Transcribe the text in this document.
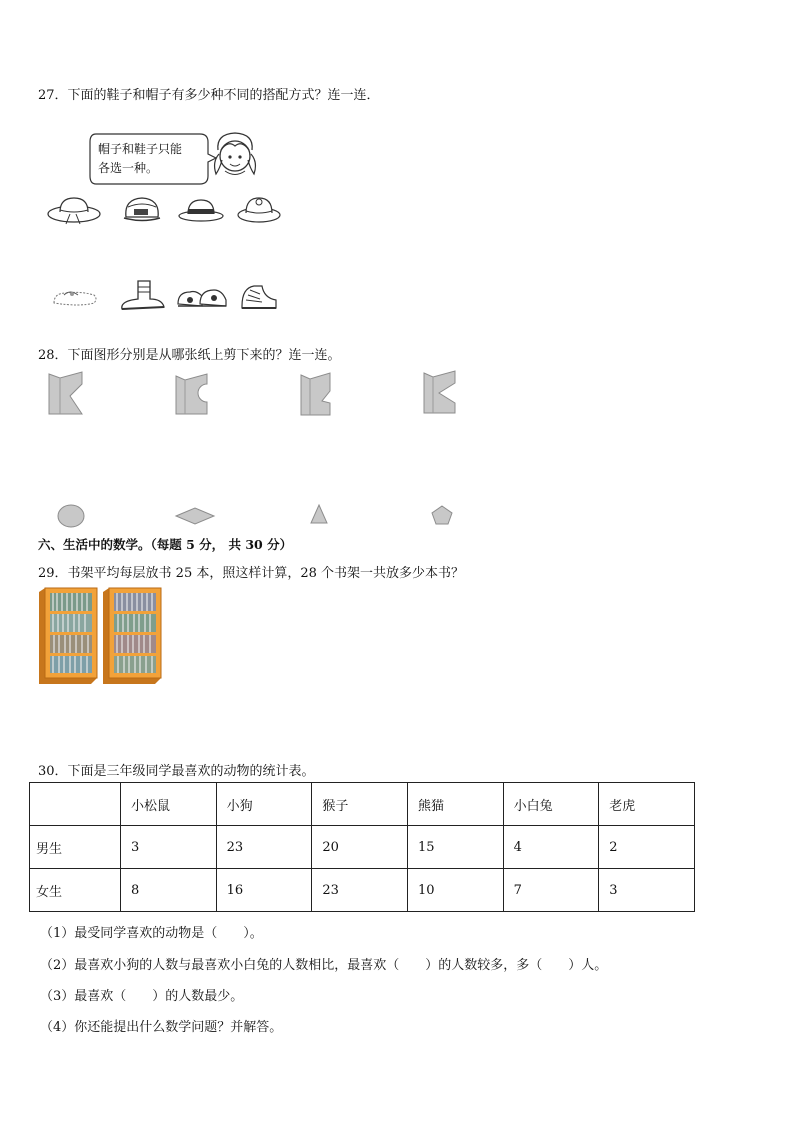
27．下面的鞋子和帽子有多少种不同的搭配方式？连一连．
帽子和鞋子只能
各选一种。
28．下面图形分别是从哪张纸上剪下来的？连一连。
六、生活中的数学。（每题 5 分， 共 30 分）
29．书架平均每层放书 25 本，照这样计算，28 个书架一共放多少本书？
30．下面是三年级同学最喜欢的动物的统计表。
	小松鼠	小狗	猴子	熊猫	小白兔	老虎
男生	3	23	20	15	4	2
女生	8	16	23	10	7	3
（1）最受同学喜欢的动物是（　　）。
（2）最喜欢小狗的人数与最喜欢小白兔的人数相比，最喜欢（　　）的人数较多，多（　　）人。
（3）最喜欢（　　）的人数最少。
（4）你还能提出什么数学问题？并解答。
